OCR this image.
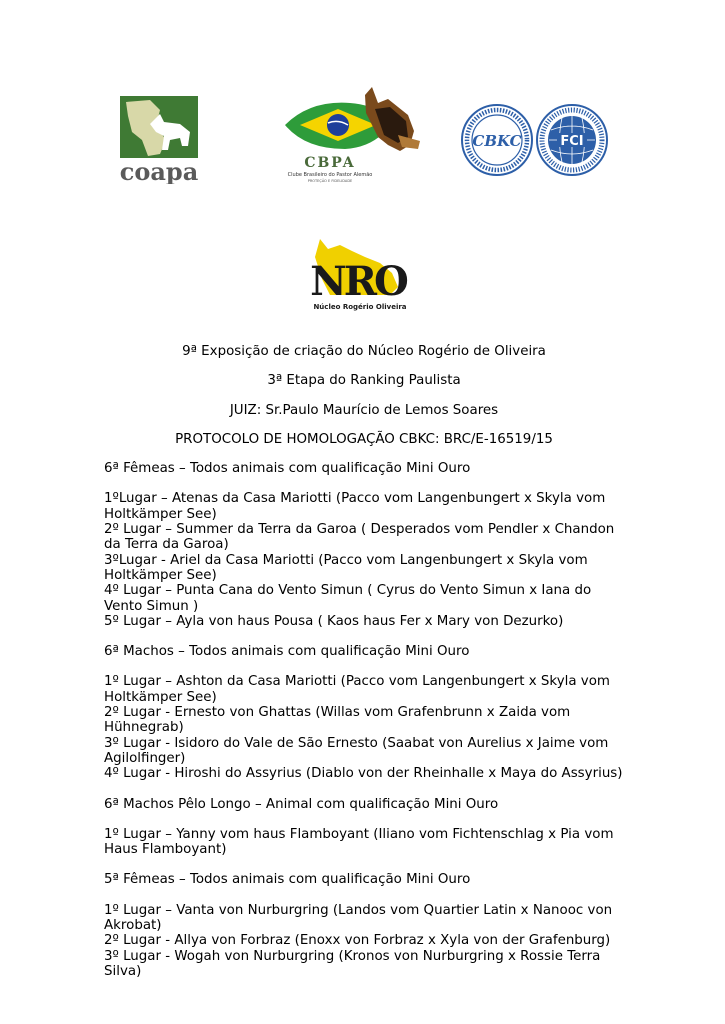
coapa	CBPA
Clube Brasileiro do Pastor Alemão
PROTEÇÃO E FIDELIDADE
CBKC	FCI
NRO
Núcleo Rogério Oliveira

9ª Exposição de criação do Núcleo Rogério de Oliveira

3ª Etapa do Ranking Paulista

JUIZ: Sr.Paulo Maurício de Lemos Soares

PROTOCOLO DE HOMOLOGAÇÃO CBKC: BRC/E-16519/15

6ª Fêmeas – Todos animais com qualificação Mini Ouro

1ºLugar – Atenas da Casa Mariotti (Pacco vom Langenbungert x Skyla vom Holtkämper See)

2º Lugar – Summer da Terra da Garoa ( Desperados vom Pendler x Chandon da Terra da Garoa)

3ºLugar - Ariel da Casa Mariotti (Pacco vom Langenbungert x Skyla vom Holtkämper See)

4º Lugar – Punta Cana do Vento Simun ( Cyrus do Vento Simun x Iana do Vento Simun )

5º Lugar – Ayla von haus Pousa ( Kaos haus Fer x Mary von Dezurko)

6ª Machos – Todos animais com qualificação Mini Ouro

1º Lugar – Ashton da Casa Mariotti (Pacco vom Langenbungert x Skyla vom Holtkämper See)

2º Lugar - Ernesto von Ghattas (Willas vom Grafenbrunn x Zaida vom Hühnegrab)

3º Lugar - Isidoro do Vale de São Ernesto (Saabat von Aurelius x Jaime vom Agilolfinger)

4º Lugar - Hiroshi do Assyrius (Diablo von der Rheinhalle x Maya do Assyrius)

6ª Machos Pêlo Longo – Animal com qualificação Mini Ouro

1º Lugar – Yanny vom haus Flamboyant (Iliano vom Fichtenschlag x Pia vom Haus Flamboyant)

5ª Fêmeas – Todos animais com qualificação Mini Ouro

1º Lugar – Vanta von Nurburgring (Landos vom Quartier Latin x Nanooc von Akrobat)

2º Lugar - Allya von Forbraz (Enoxx von Forbraz x Xyla von der Grafenburg)

3º Lugar - Wogah von Nurburgring (Kronos von Nurburgring x Rossie Terra Silva)
